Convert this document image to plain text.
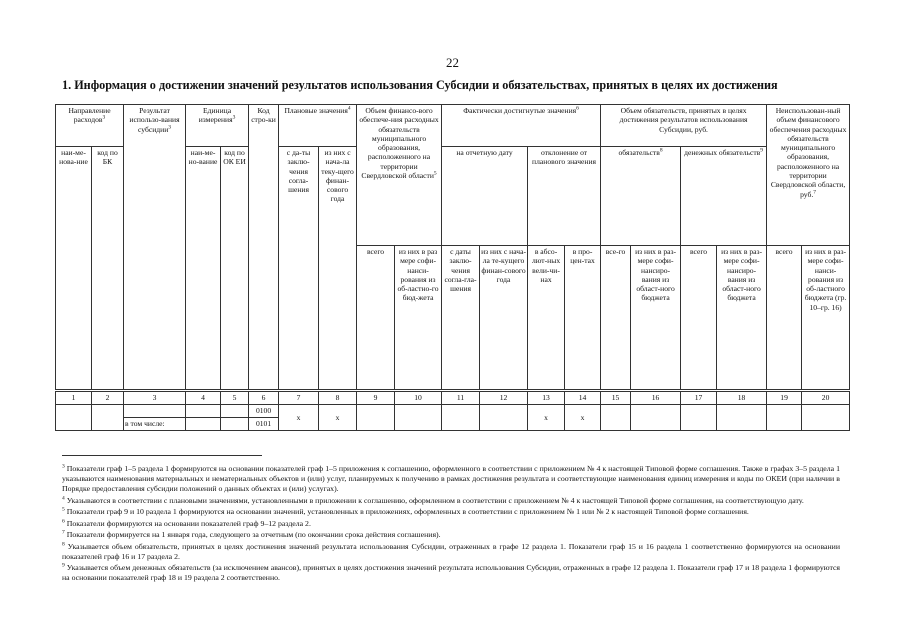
22
1. Информация о достижении значений результатов использования Субсидии и обязательствах, принятых в целях их достижения
Направление расходов$^3$		Результат использо-вания субсидии$^3$	Единица измерения$^3$		Код стро-ки	Плановые значения$^4$		Объем финансо-вого обеспече-ния расходных обязательств муниципального образования, расположенного на территории Свердловской области$^5$		Фактически достигнутые значения$^6$				Объем обязательств, принятых в целях достижения результатов использования Субсидии, руб.				Неиспользован-ный объем финансового обеспечения расходных обязательств муниципального образования, расположенного на территории Свердловской области, руб.$^7$
наи-ме-нова-ние	код по БК		наи-ме-но-вание	код по ОК ЕИ		с да-ты заклю-чения согла-шения	из них с нача-ла теку-щего финан-сового года			на отчетную дату		отклонение от планового значения		обязательств$^8$		денежных обязательств$^9$
								всего	из них в раз мере софи-нанси-рования из об-ластно-го бюд-жета	с даты заклю-чения согла-гла-шения	из них с нача-ла те-кущего финан-сового года	в абсо-лют-ных вели-чи-нах	в про-цен-тах	все-го	из них в раз-мере софи-нансиро-вания из област-ного бюджета	всего	из них в раз-мере софи-нансиро-вания из област-ного бюджета	всего	из них в раз-мере софи-нанси-рования из об-ластного бюджета (гр. 10–гр. 16)
1	2	3	4	5	6	7	8	9	10	11	12	13	14	15	16	17	18	19	20
					0100	х	х					х	х						
		в том числе:			0101														

$^3$ Показатели граф 1–5 раздела 1 формируются на основании показателей граф 1–5 приложения к соглашению, оформленного в соответствии с приложением № 4 к настоящей Типовой форме соглашения. Также в графах 3–5 раздела 1 указываются наименования материальных и нематериальных объектов и (или) услуг, планируемых к получению в рамках достижения результата и соответствующие наименования единиц измерения и коды по ОКЕИ (при наличии в Порядке предоставления субсидии положений о данных объектах и (или) услугах).

$^4$ Указываются в соответствии с плановыми значениями, установленными в приложении к соглашению, оформленном в соответствии с приложением № 4 к настоящей Типовой форме соглашения, на соответствующую дату.

$^5$ Показатели граф 9 и 10 раздела 1 формируются на основании значений, установленных в приложениях, оформленных в соответствии с приложением № 1 или № 2 к настоящей Типовой форме соглашения.

$^6$ Показатели формируются на основании показателей граф 9–12 раздела 2.

$^7$ Показатели формируется на 1 января года, следующего за отчетным (по окончании срока действия соглашения).

$^8$ Указывается объем обязательств, принятых в целях достижения значений результата использования Субсидии, отраженных в графе 12 раздела 1. Показатели граф 15 и 16 раздела 1 соответственно формируются на основании показателей граф 16 и 17 раздела 2.

$^9$ Указывается объем денежных обязательств (за исключением авансов), принятых в целях достижения значений результата использования Субсидии, отраженных в графе 12 раздела 1. Показатели граф 17 и 18 раздела 1 формируются на основании показателей граф 18 и 19 раздела 2 соответственно.
